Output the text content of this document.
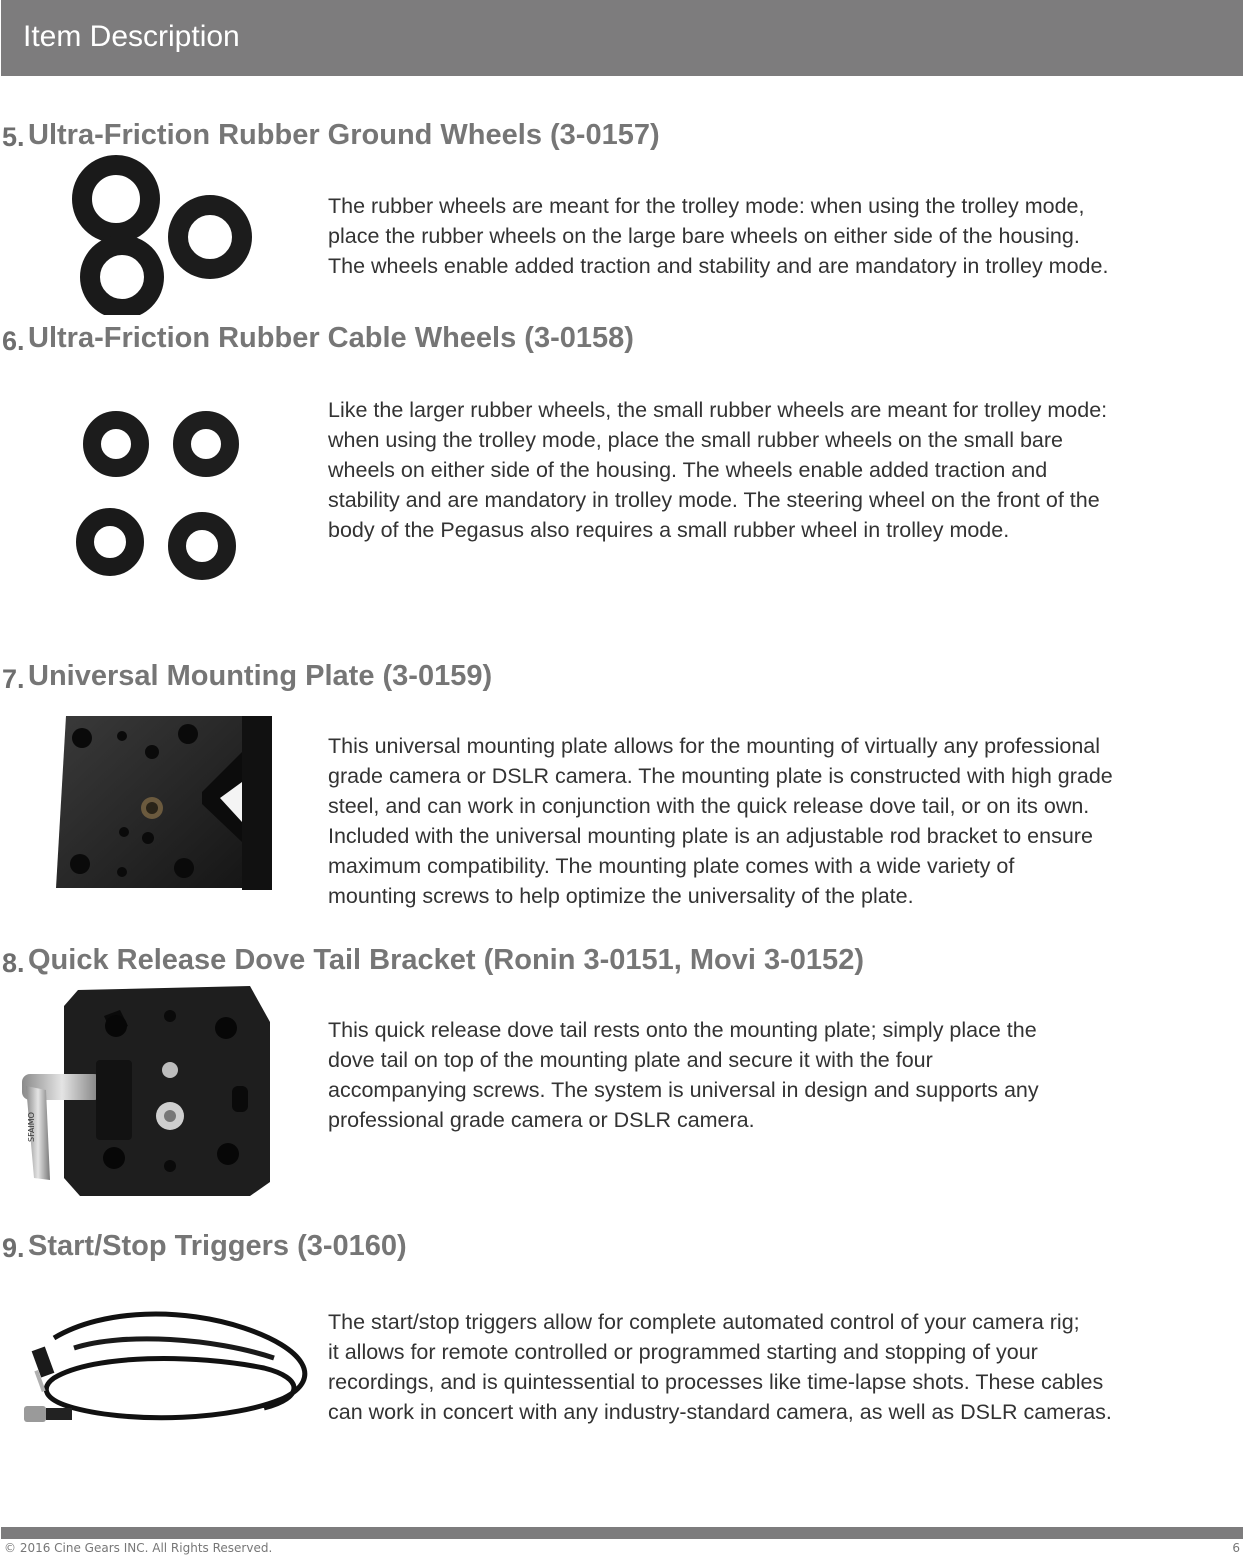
Item Description
5. Ultra-Friction Rubber Ground Wheels (3-0157)

The rubber wheels are meant for the trolley mode: when using the trolley mode,

place the rubber wheels on the large bare wheels on either side of the housing.

The wheels enable added traction and stability and are mandatory in trolley mode.

6. Ultra-Friction Rubber Cable Wheels (3-0158)

Like the larger rubber wheels, the small rubber wheels are meant for trolley mode:

when using the trolley mode, place the small rubber wheels on the small bare

wheels on either side of the housing. The wheels enable added traction and

stability and are mandatory in trolley mode. The steering wheel on the front of the

body of the Pegasus also requires a small rubber wheel in trolley mode.

7. Universal Mounting Plate (3-0159)

This universal mounting plate allows for the mounting of virtually any professional

grade camera or DSLR camera. The mounting plate is constructed with high grade

steel, and can work in conjunction with the quick release dove tail, or on its own.

Included with the universal mounting plate is an adjustable rod bracket to ensure

maximum compatibility. The mounting plate comes with a wide variety of

mounting screws to help optimize the universality of the plate.

8. Quick Release Dove Tail Bracket (Ronin 3-0151, Movi 3-0152)
SFAIMO

This quick release dove tail rests onto the mounting plate; simply place the

dove tail on top of the mounting plate and secure it with the four

accompanying screws. The system is universal in design and supports any

professional grade camera or DSLR camera.

9. Start/Stop Triggers (3-0160)

The start/stop triggers allow for complete automated control of your camera rig;

it allows for remote controlled or programmed starting and stopping of your

recordings, and is quintessential to processes like time-lapse shots. These cables

can work in concert with any industry-standard camera, as well as DSLR cameras.

© 2016 Cine Gears INC. All Rights Reserved.	6
